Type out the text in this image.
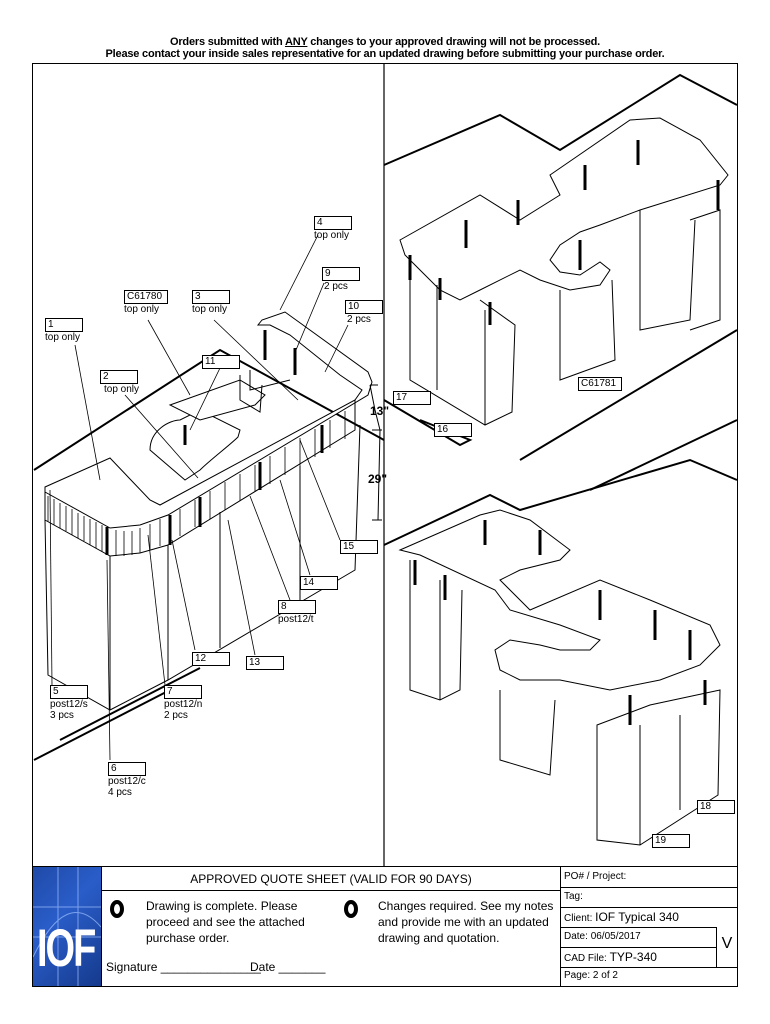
Orders submitted with ANY changes to your approved drawing will not be processed.
Please contact your inside sales representative for an updated drawing before submitting your purchase order.
13"
29"
4
top only
9
2 pcs
C61780
top only
3
top only	10
2 pcs
1
top only
11
2
top only
15
14
8
post12/t
12	13
5
post12/s
3 pcs
7
post12/n
2 pcs
6
post12/c
4 pcs
17
16
C61781
18
19
IOF
APPROVED QUOTE SHEET (VALID FOR 90 DAYS)
Drawing is complete. Please proceed and see the attached purchase order.
Changes required. See my notes and provide me with an updated drawing and quotation.
Signature _______________
Date _______
PO# / Project:
Tag:
Client: IOF Typical 340
Date: 06/05/2017
CAD File: TYP-340
Page: 2 of 2
V
